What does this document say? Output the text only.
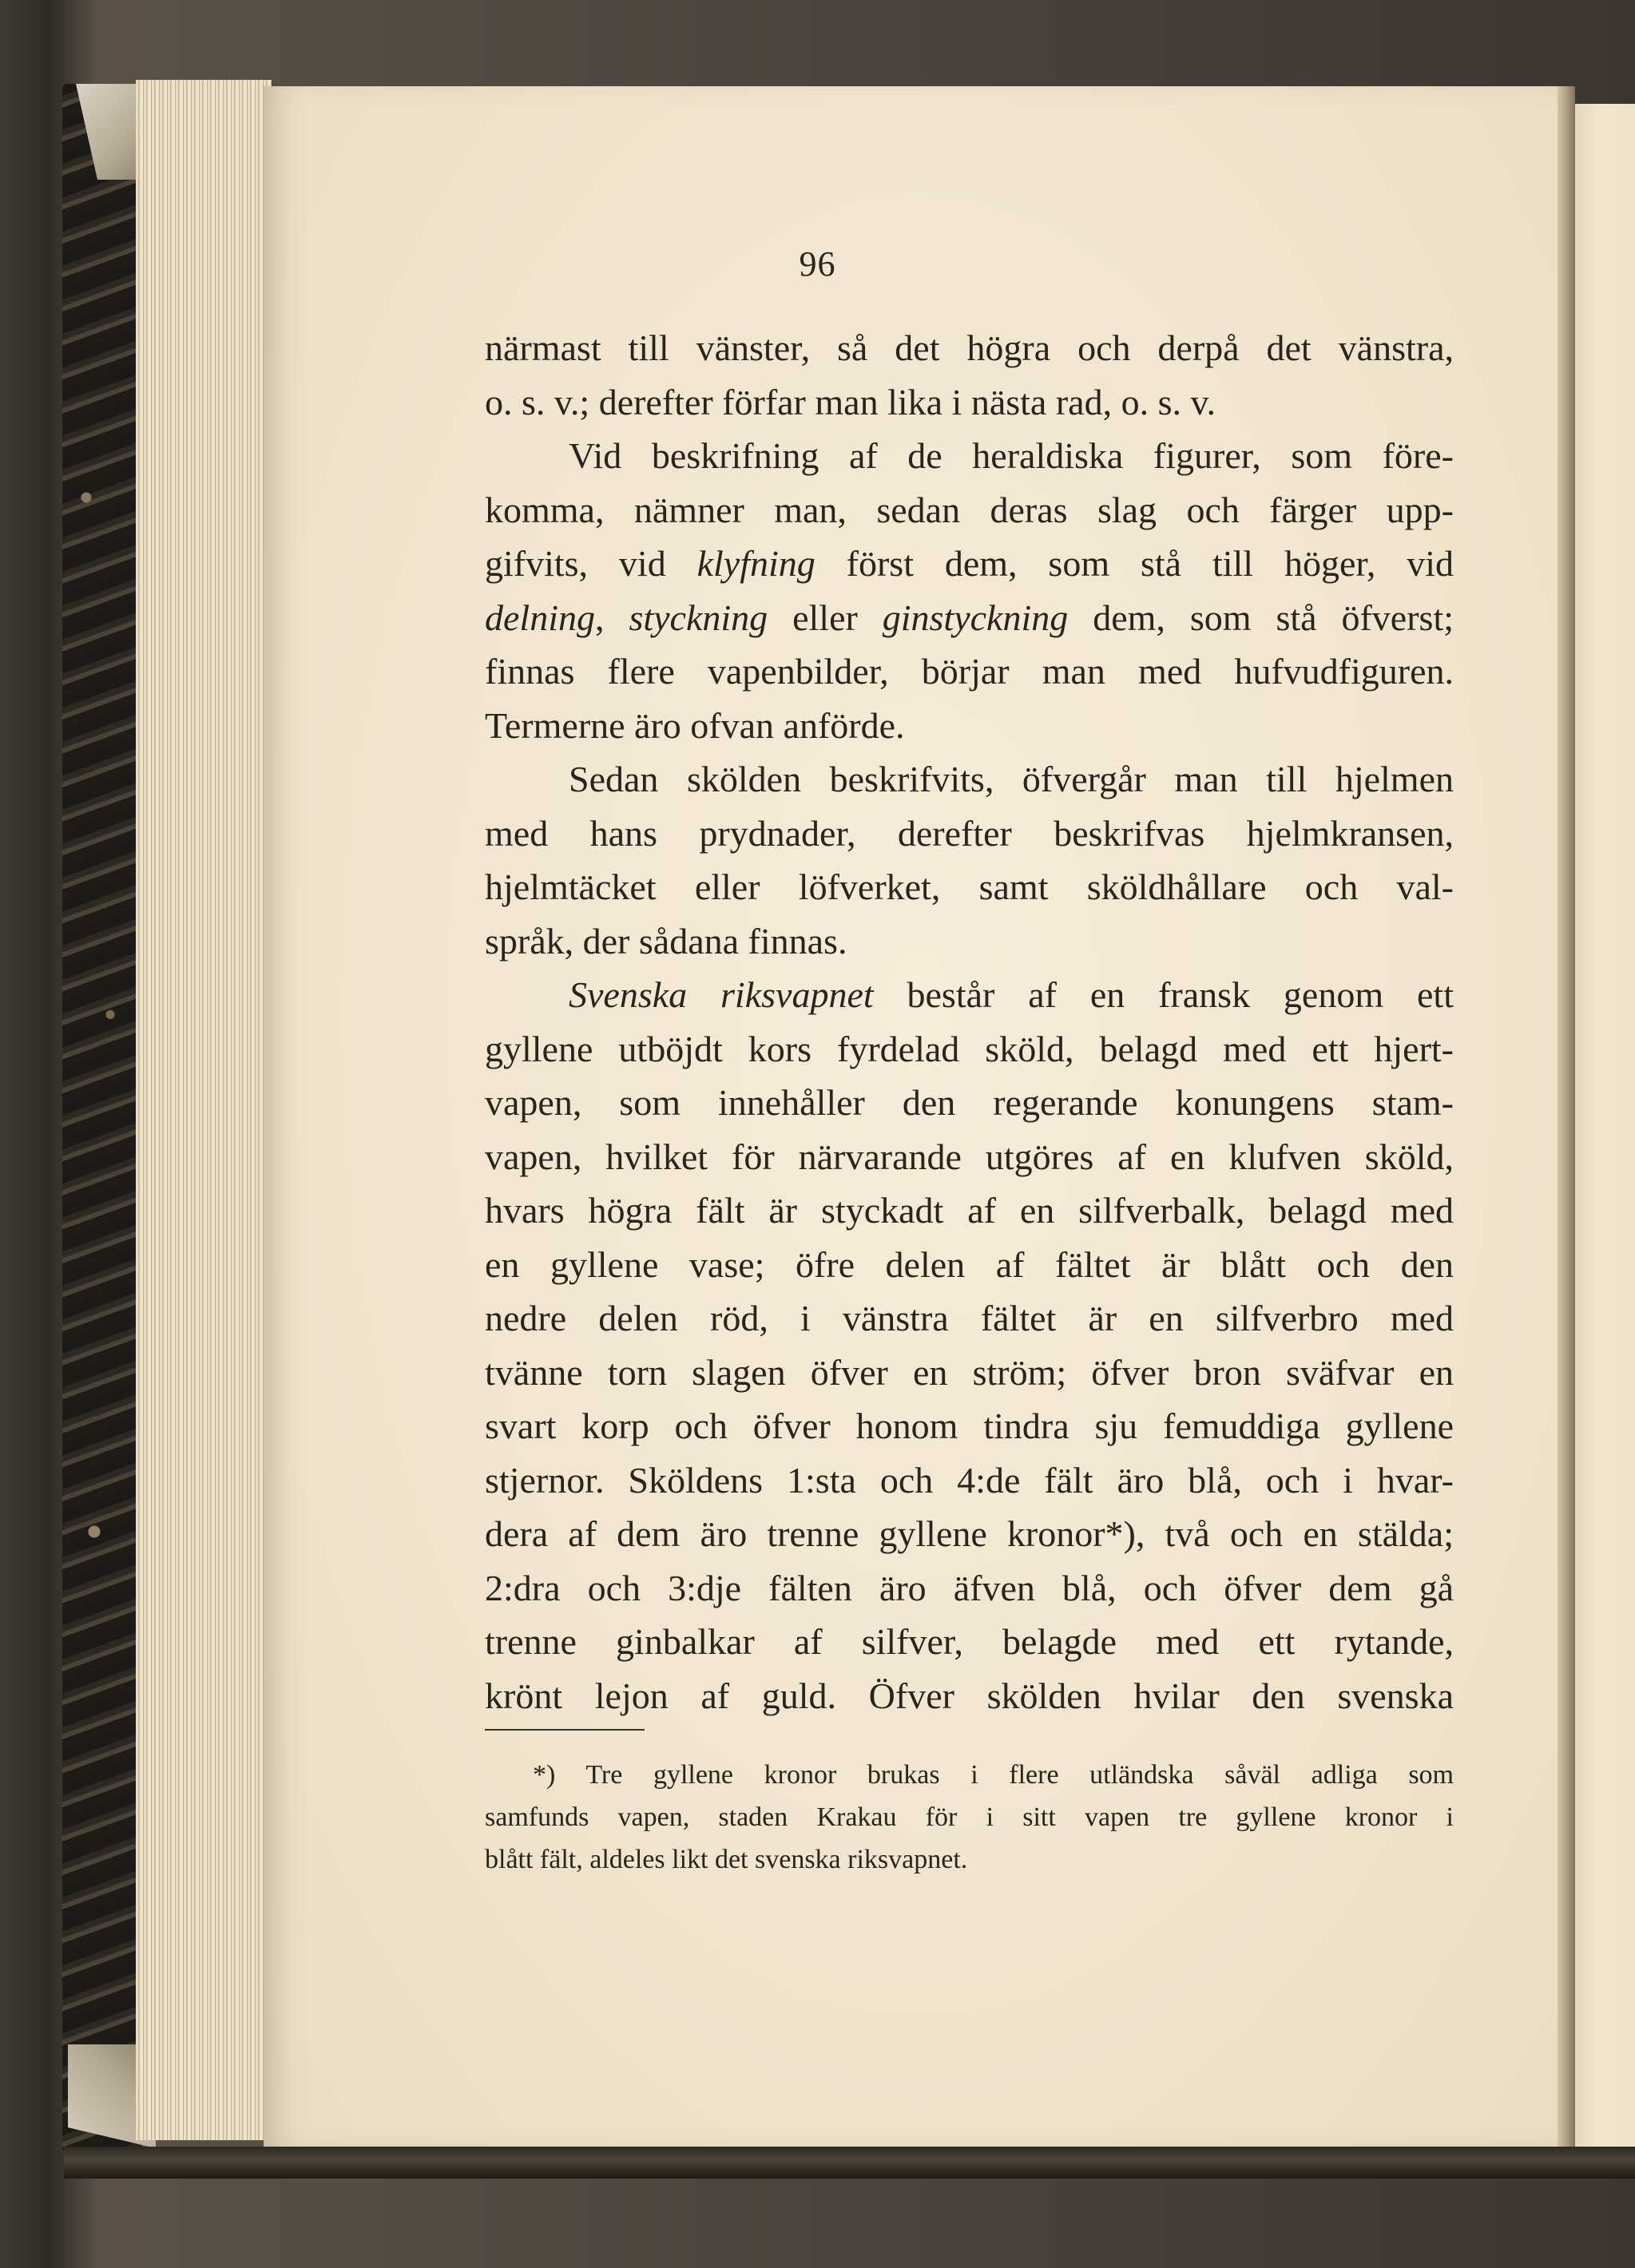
96
närmast till vänster, så det högra och derpå det vänstra,
o. s. v.; derefter förfar man lika i nästa rad, o. s. v.
Vid beskrifning af de heraldiska figurer, som före-
komma, nämner man, sedan deras slag och färger upp-
gifvits, vid klyfning först dem, som stå till höger, vid
delning, styckning eller ginstyckning dem, som stå öfverst;
finnas flere vapenbilder, börjar man med hufvudfiguren.
Termerne äro ofvan anförde.
Sedan skölden beskrifvits, öfvergår man till hjelmen
med hans prydnader, derefter beskrifvas hjelmkransen,
hjelmtäcket eller löfverket, samt sköldhållare och val-
språk, der sådana finnas.
Svenska riksvapnet består af en fransk genom ett
gyllene utböjdt kors fyrdelad sköld, belagd med ett hjert-
vapen, som innehåller den regerande konungens stam-
vapen, hvilket för närvarande utgöres af en klufven sköld,
hvars högra fält är styckadt af en silfverbalk, belagd med
en gyllene vase; öfre delen af fältet är blått och den
nedre delen röd, i vänstra fältet är en silfverbro med
tvänne torn slagen öfver en ström; öfver bron sväfvar en
svart korp och öfver honom tindra sju femuddiga gyllene
stjernor. Sköldens 1:sta och 4:de fält äro blå, och i hvar-
dera af dem äro trenne gyllene kronor*), två och en stälda;
2:dra och 3:dje fälten äro äfven blå, och öfver dem gå
trenne ginbalkar af silfver, belagde med ett rytande,
krönt lejon af guld. Öfver skölden hvilar den svenska
*) Tre gyllene kronor brukas i flere utländska såväl adliga som
samfunds vapen, staden Krakau för i sitt vapen tre gyllene kronor i
blått fält, aldeles likt det svenska riksvapnet.
